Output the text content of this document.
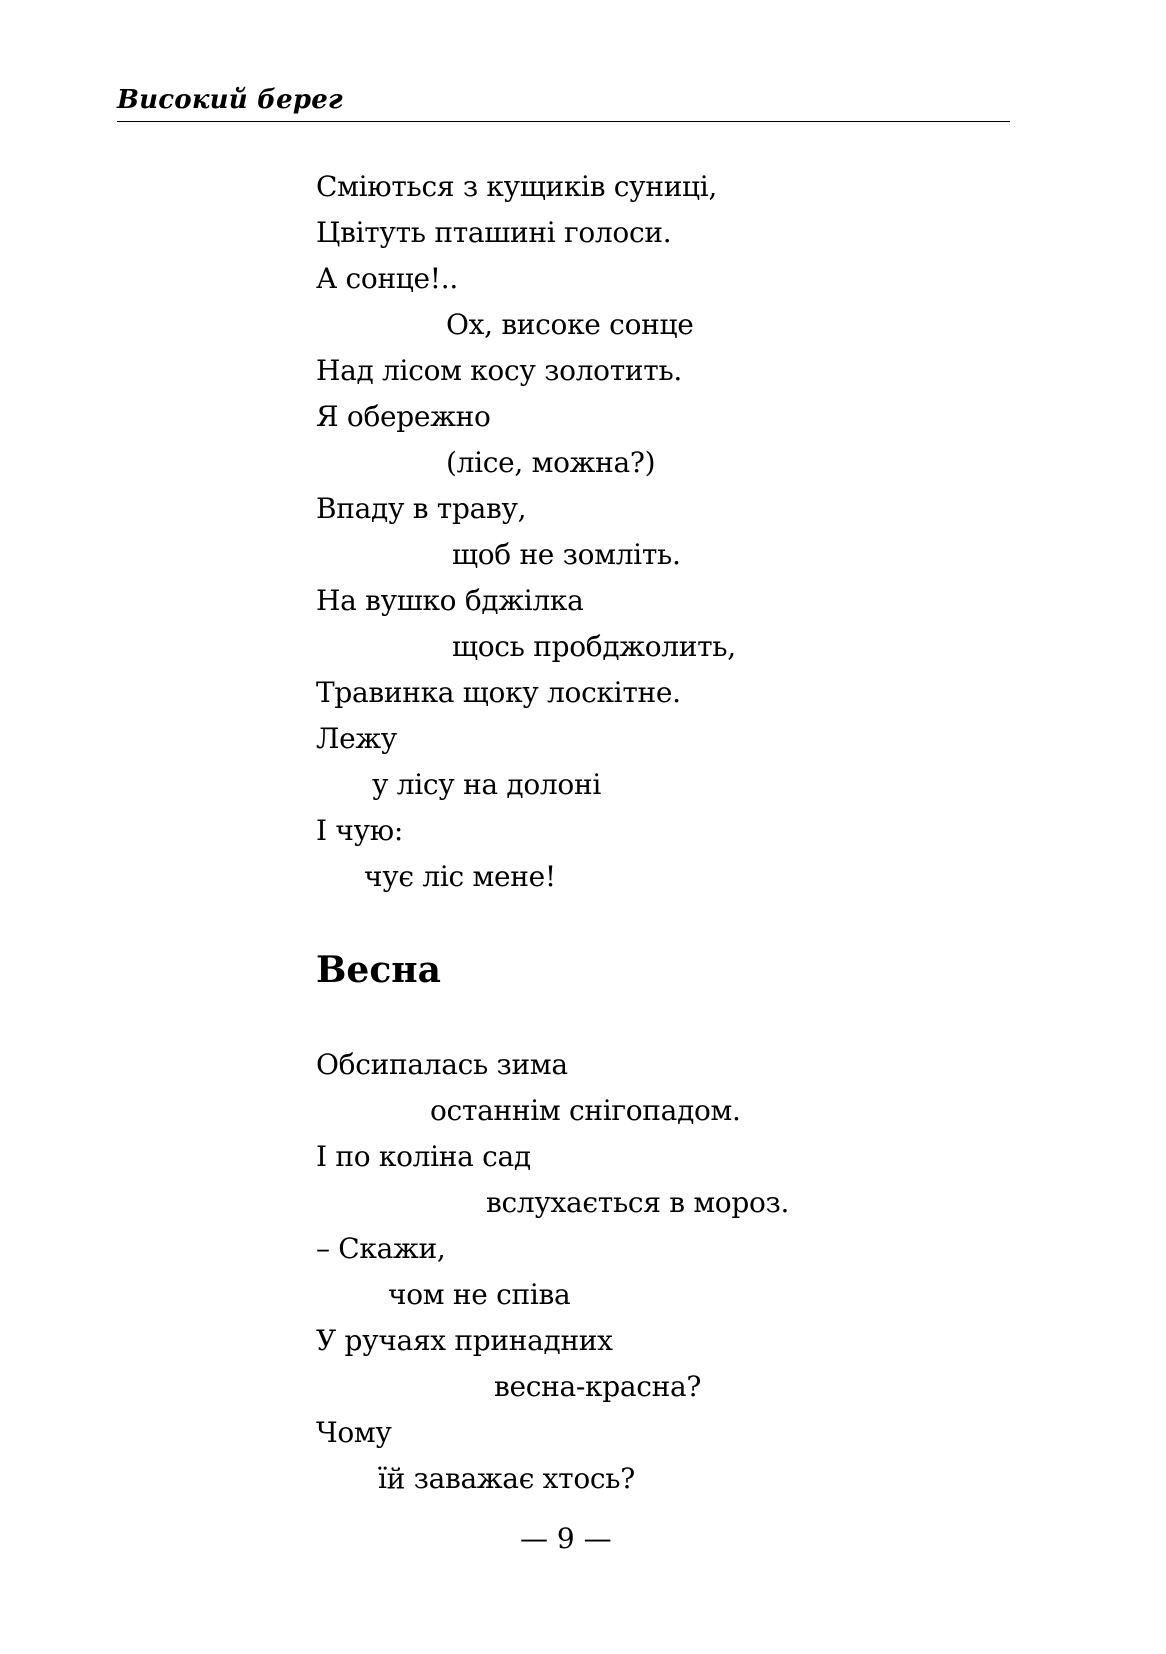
Високий берег
Сміються з кущиків суниці,
Цвітуть пташині голоси.
А сонце!..
Ох, високе сонце
Над лісом косу золотить.
Я обережно
(лісе, можна?)
Впаду в траву,
щоб не зомліть.
На вушко бджілка
щось пробджолить,
Травинка щоку лоскітне.
Лежу
у лісу на долоні
І чую:
чує ліс мене!
Весна
Обсипалась зима
останнім снігопадом.
І по коліна сад
вслухається в мороз.
– Скажи,
чом не співа
У ручаях принадних
весна-красна?
Чому
їй заважає хтось?
— 9 —
